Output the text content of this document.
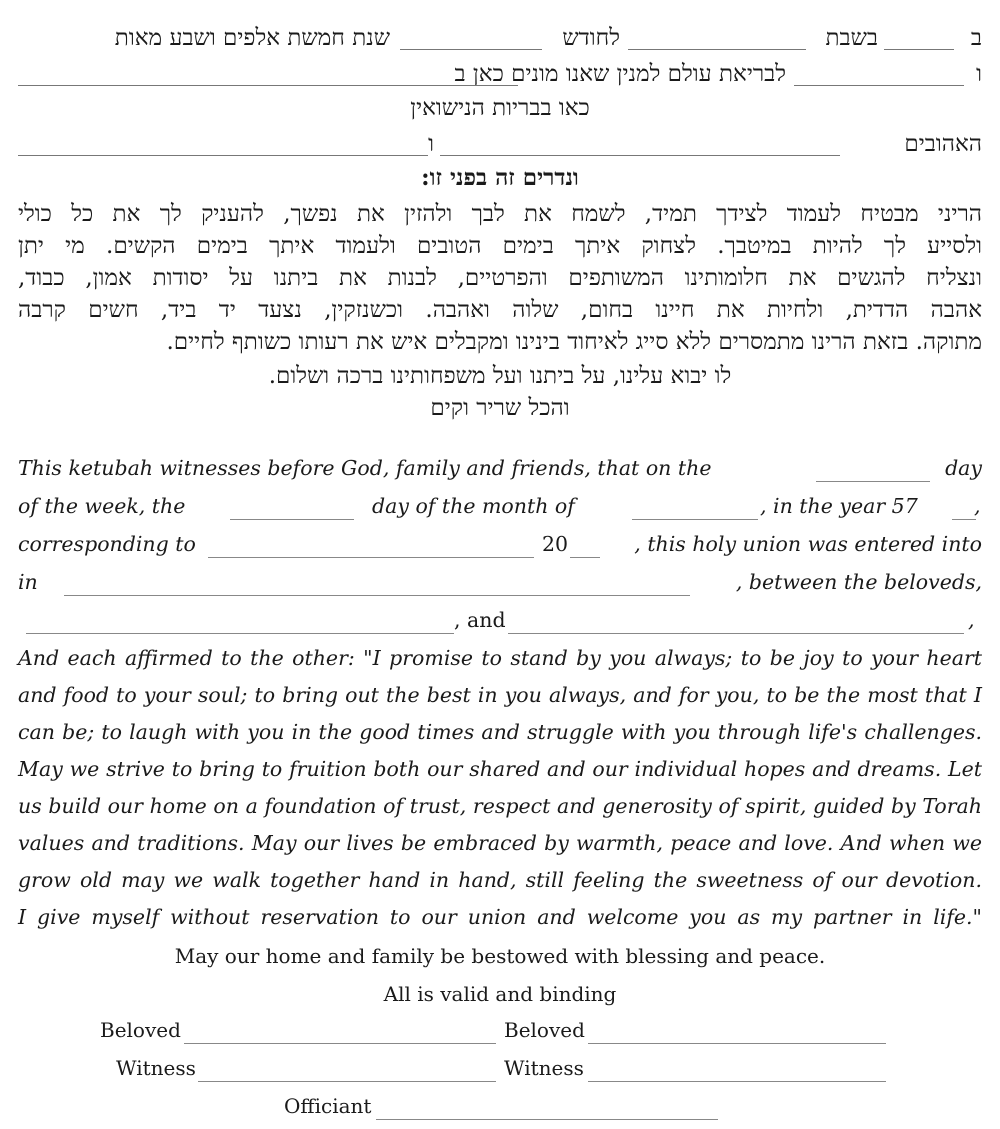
ב
בשבת
לחודש
שנת חמשת אלפים ושבע מאות
ו
לבריאת עולם למנין שאנו מונים כאן ב
כאו בבריות הנישואין
האהובים
ו
ונדרים זה בפני זו:
הריני מבטיח לעמוד לצידך תמיד, לשמח את לבך ולהזין את נפשך, להעניק לך את כל כולי
ולסייע לך להיות במיטבך. לצחוק איתך בימים הטובים ולעמוד איתך בימים הקשים. מי יתן
ונצליח להגשים את חלומותינו המשותפים והפרטיים, לבנות את ביתנו על יסודות אמון, כבוד,
אהבה הדדית, ולחיות את חיינו בחום, שלוה ואהבה. וכשנזקין, נצעד יד ביד, חשים קרבה
מתוקה. בזאת הרינו מתמסרים ללא סייג לאיחוד בינינו ומקבלים איש את רעותו כשותף לחיים.
לו יבוא עלינו, על ביתנו ועל משפחותינו ברכה ושלום.
והכל שריר וקים
This ketubah witnesses before God, family and friends, that on the	day
of the week, the	day of the month of	, in the year 57	,
corresponding to	20	, this holy union was entered into
in	, between the beloveds,
, and	,
And each affirmed to the other: "I promise to stand by you always; to be joy to your heart
and food to your soul; to bring out the best in you always, and for you, to be the most that I
can be; to laugh with you in the good times and struggle with you through life's challenges.
May we strive to bring to fruition both our shared and our individual hopes and dreams. Let
us build our home on a foundation of trust, respect and generosity of spirit, guided by Torah
values and traditions. May our lives be embraced by warmth, peace and love. And when we
grow old may we walk together hand in hand, still feeling the sweetness of our devotion.
I give myself without reservation to our union and welcome you as my partner in life."
May our home and family be bestowed with blessing and peace.
All is valid and binding
Beloved	Beloved
Witness	Witness
Officiant
